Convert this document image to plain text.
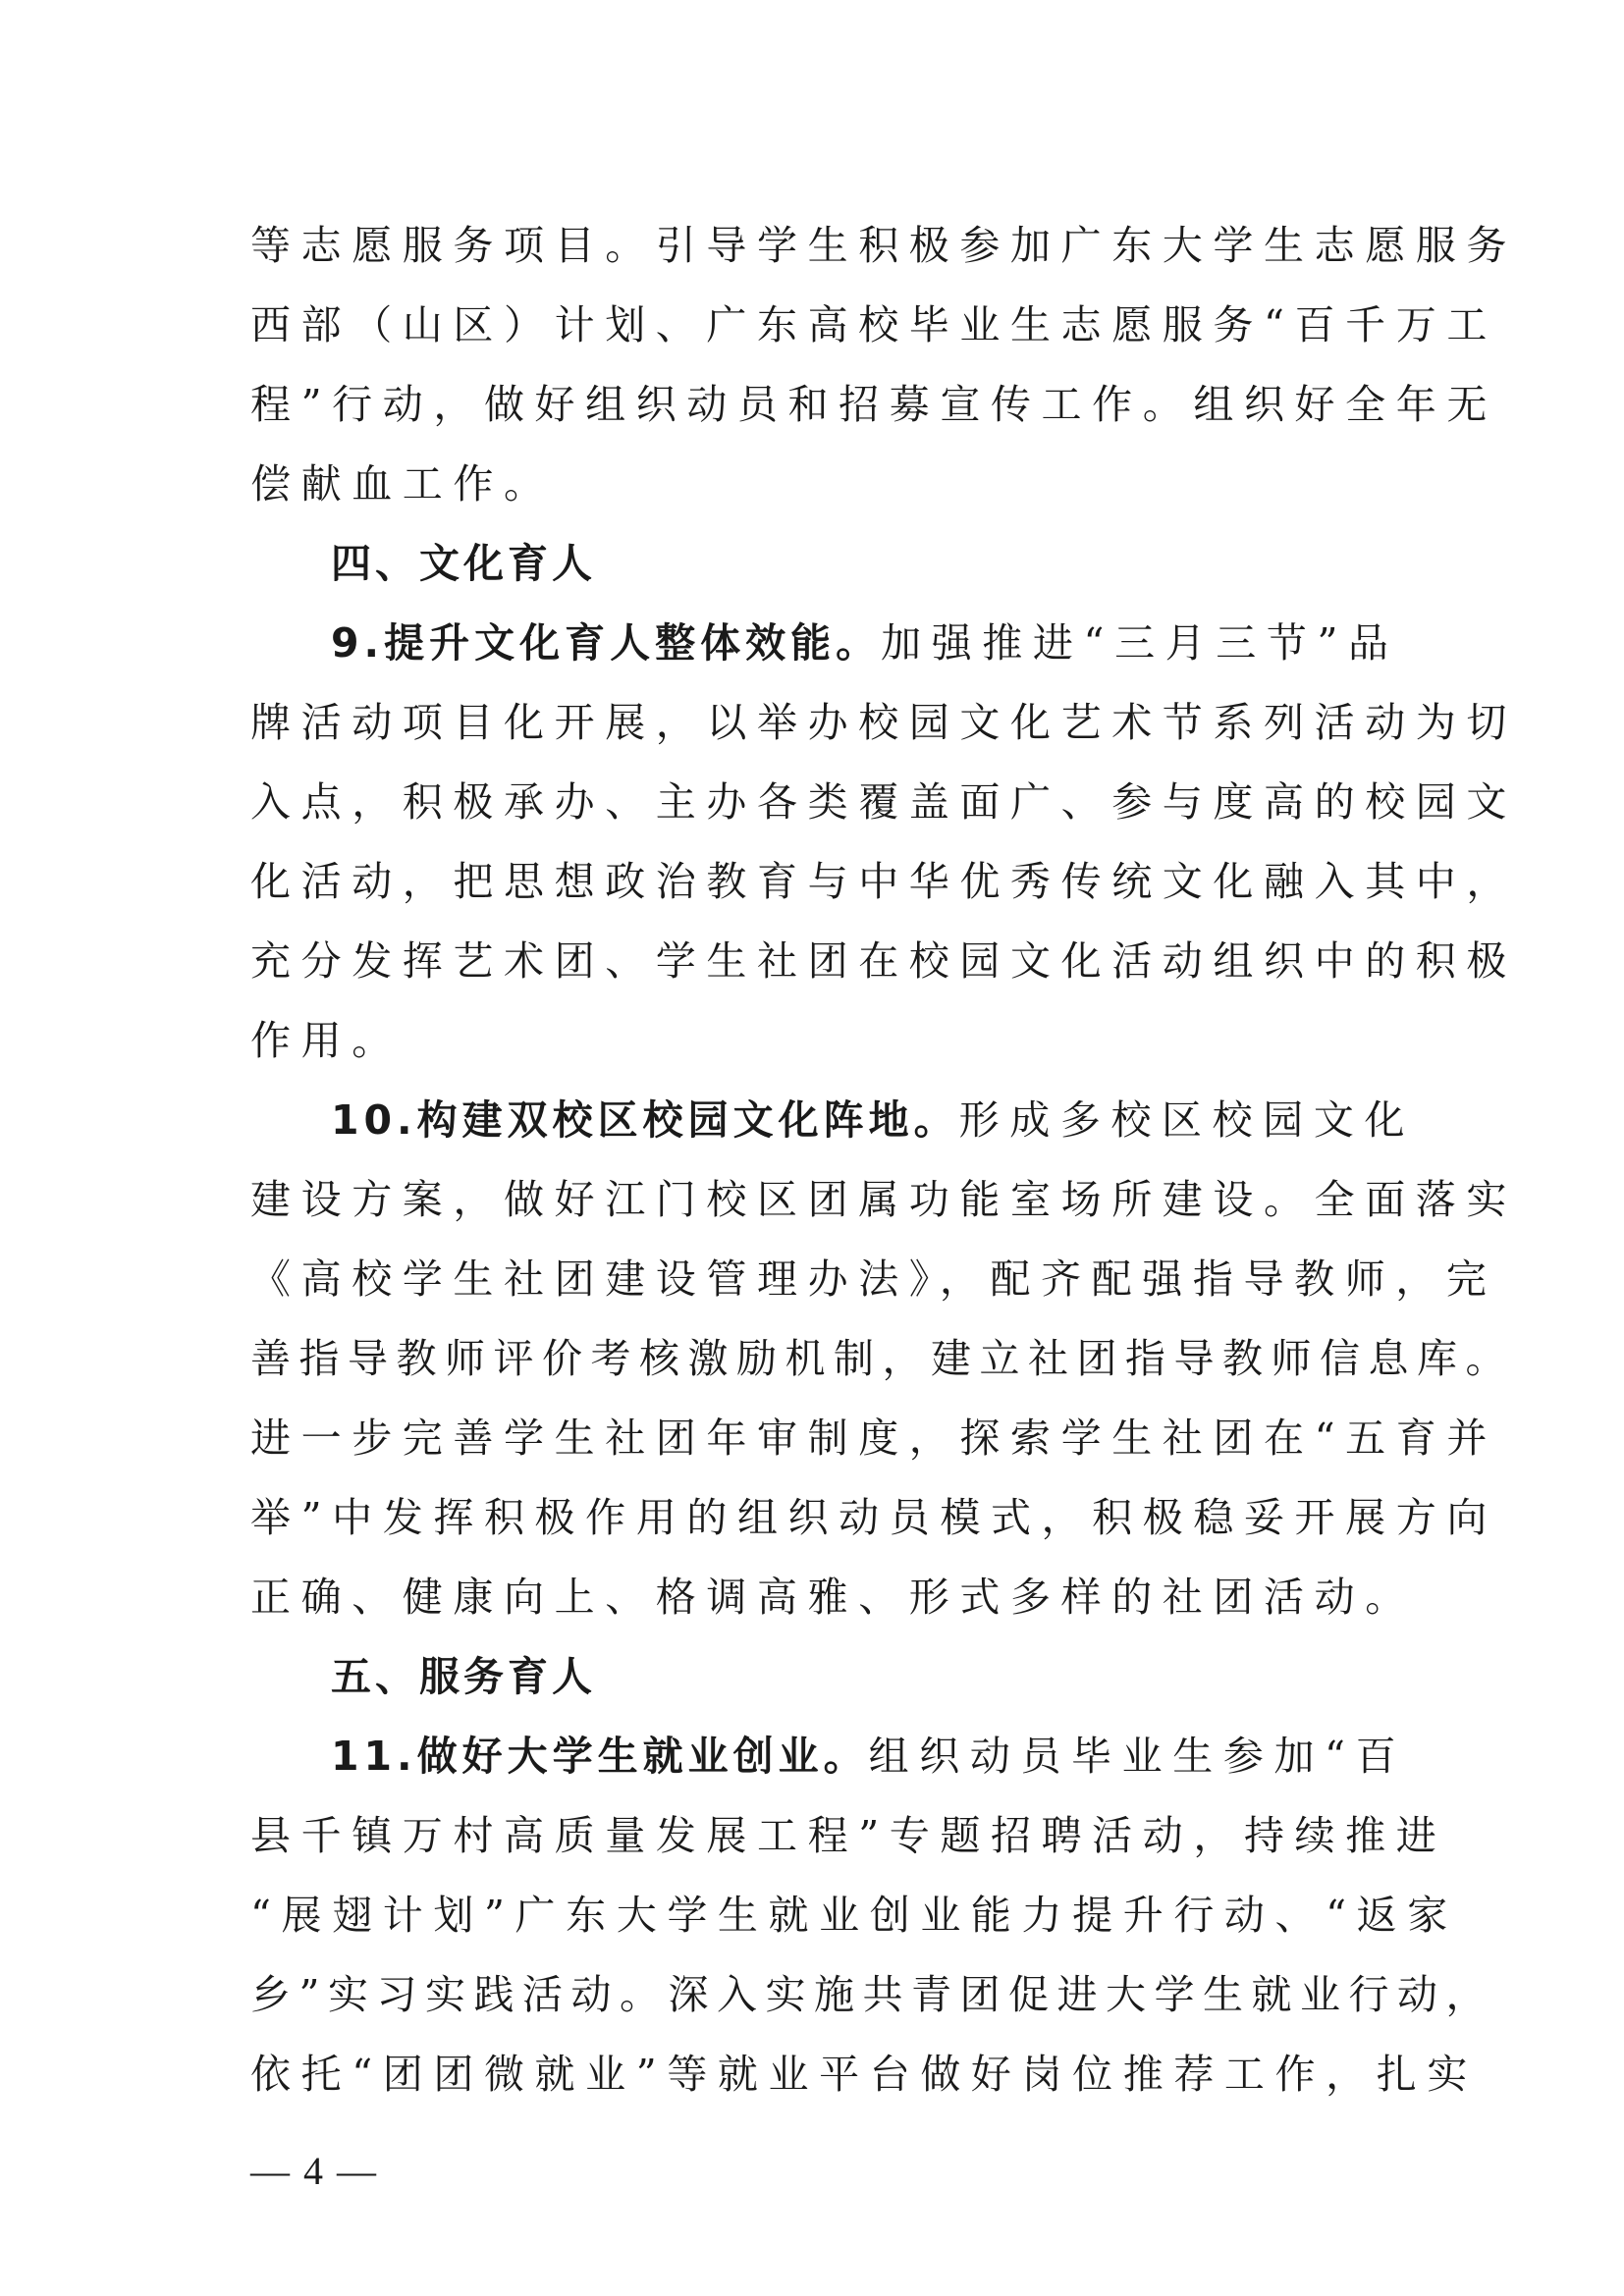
等志愿服务项目。引导学生积极参加广东大学生志愿服务
西部（山区）计划、广东高校毕业生志愿服务“百千万工
程”行动，做好组织动员和招募宣传工作。组织好全年无
偿献血工作。
四、文化育人
9.提升文化育人整体效能。加强推进“三月三节”品
牌活动项目化开展，以举办校园文化艺术节系列活动为切
入点，积极承办、主办各类覆盖面广、参与度高的校园文
化活动，把思想政治教育与中华优秀传统文化融入其中，
充分发挥艺术团、学生社团在校园文化活动组织中的积极
作用。
10.构建双校区校园文化阵地。形成多校区校园文化
建设方案，做好江门校区团属功能室场所建设。全面落实
《高校学生社团建设管理办法》，配齐配强指导教师，完
善指导教师评价考核激励机制，建立社团指导教师信息库。
进一步完善学生社团年审制度，探索学生社团在“五育并
举”中发挥积极作用的组织动员模式，积极稳妥开展方向
正确、健康向上、格调高雅、形式多样的社团活动。
五、服务育人
11.做好大学生就业创业。组织动员毕业生参加“百
县千镇万村高质量发展工程”专题招聘活动，持续推进
“展翅计划”广东大学生就业创业能力提升行动、“返家
乡”实习实践活动。深入实施共青团促进大学生就业行动，
依托“团团微就业”等就业平台做好岗位推荐工作，扎实
— 4 —
